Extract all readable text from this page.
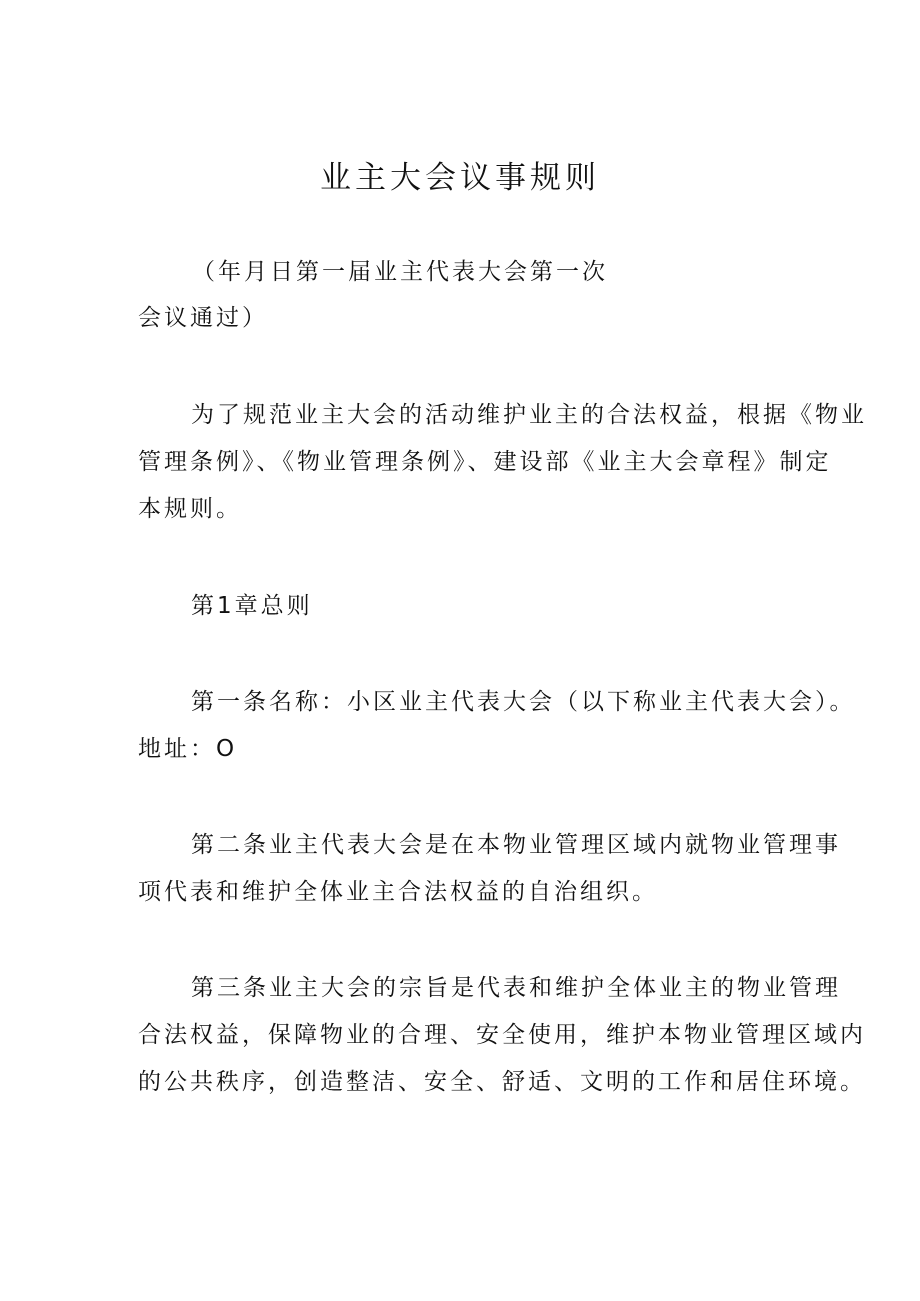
业主大会议事规则
（年月日第一届业主代表大会第一次
会议通过）
为了规范业主大会的活动维护业主的合法权益，根据《物业
管理条例》、《物业管理条例》、建设部《业主大会章程》制定
本规则。
第1章总则
第一条名称：小区业主代表大会（以下称业主代表大会）。
地址：O
第二条业主代表大会是在本物业管理区域内就物业管理事
项代表和维护全体业主合法权益的自治组织。
第三条业主大会的宗旨是代表和维护全体业主的物业管理
合法权益，保障物业的合理、安全使用，维护本物业管理区域内
的公共秩序，创造整洁、安全、舒适、文明的工作和居住环境。
